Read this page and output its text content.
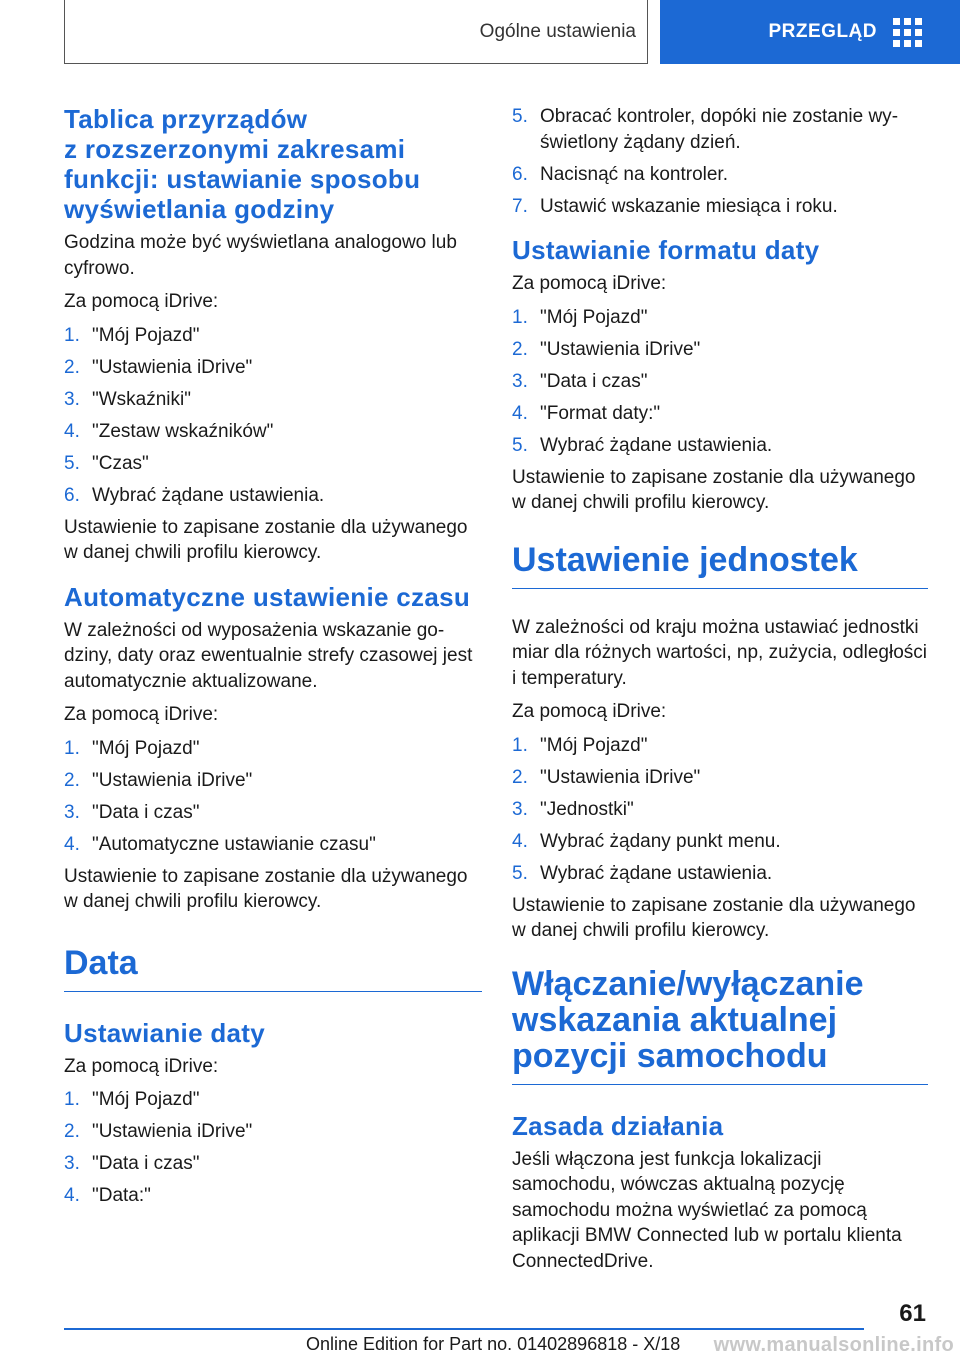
Ogólne ustawienia	PRZEGLĄD
Tablica przyrządów
z rozszerzonymi zakresami
funkcji: ustawianie sposobu
wyświetlania godziny

Godzina może być wyświetlana analogowo lub cyfrowo.

Za pomocą iDrive:

1. "Mój Pojazd"
2. "Ustawienia iDrive"
3. "Wskaźniki"
4. "Zestaw wskaźników"
5. "Czas"
6. Wybrać żądane ustawienia.

Ustawienie to zapisane zostanie dla używanego w danej chwili profilu kierowcy.

Automatyczne ustawienie czasu

W zależności od wyposażenia wskazanie godziny, daty oraz ewentualnie strefy czasowej jest automatycznie aktualizowane.

Za pomocą iDrive:

1. "Mój Pojazd"
2. "Ustawienia iDrive"
3. "Data i czas"
4. "Automatyczne ustawianie czasu"

Ustawienie to zapisane zostanie dla używanego w danej chwili profilu kierowcy.

Data
Ustawianie daty

Za pomocą iDrive:

1. "Mój Pojazd"
2. "Ustawienia iDrive"
3. "Data i czas"
4. "Data:"
5. Obracać kontroler, dopóki nie zostanie wyświetlony żądany dzień.
6. Nacisnąć na kontroler.
7. Ustawić wskazanie miesiąca i roku.
Ustawianie formatu daty

Za pomocą iDrive:

1. "Mój Pojazd"
2. "Ustawienia iDrive"
3. "Data i czas"
4. "Format daty:"
5. Wybrać żądane ustawienia.

Ustawienie to zapisane zostanie dla używanego w danej chwili profilu kierowcy.

Ustawienie jednostek

W zależności od kraju można ustawiać jednostki miar dla różnych wartości, np, zużycia, odległości i temperatury.

Za pomocą iDrive:

1. "Mój Pojazd"
2. "Ustawienia iDrive"
3. "Jednostki"
4. Wybrać żądany punkt menu.
5. Wybrać żądane ustawienia.

Ustawienie to zapisane zostanie dla używanego w danej chwili profilu kierowcy.

Włączanie/wyłączanie wskazania aktualnej pozycji samochodu
Zasada działania

Jeśli włączona jest funkcja lokalizacji samochodu, wówczas aktualną pozycję samochodu można wyświetlać za pomocą aplikacji BMW Connected lub w portalu klienta ConnectedDrive.

61
Online Edition for Part no. 01402896818 - X/18 www.manualsonline.info
